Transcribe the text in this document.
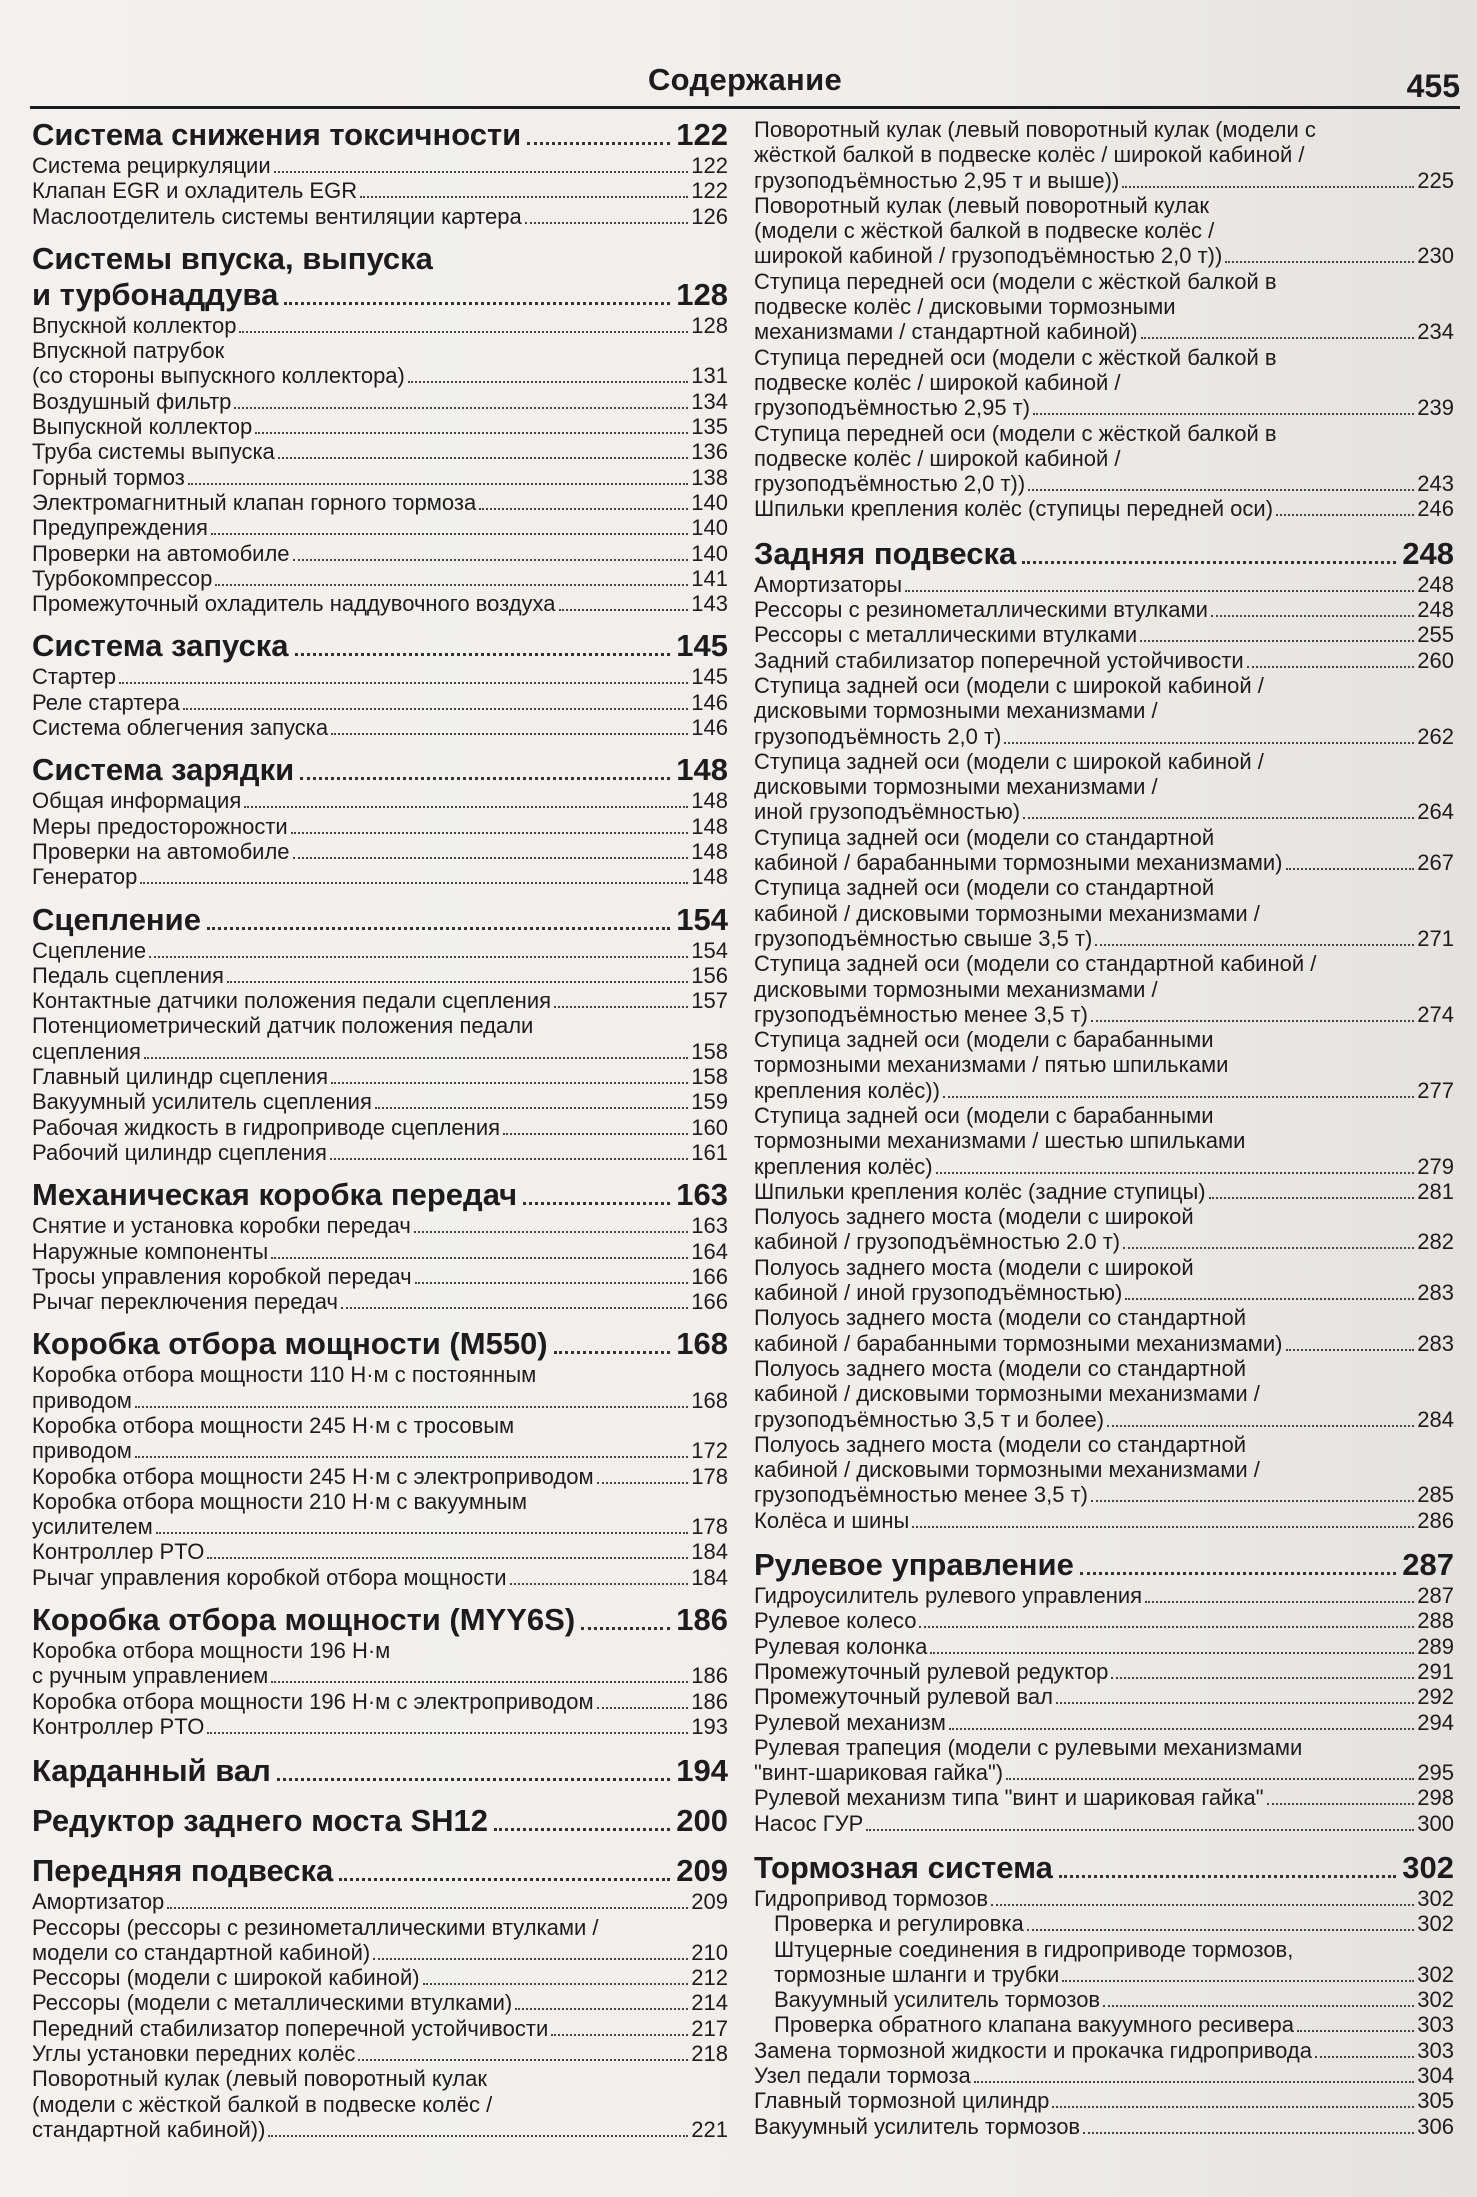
Содержание	455
Система снижения токсичности	122
Система рециркуляции	122
Клапан EGR и охладитель EGR	122
Маслоотделитель системы вентиляции картера	126
Системы впуска, выпуска
и турбонаддува	128
Впускной коллектор	128
Впускной патрубок
(со стороны выпускного коллектора)	131
Воздушный фильтр	134
Выпускной коллектор	135
Труба системы выпуска	136
Горный тормоз	138
Электромагнитный клапан горного тормоза	140
Предупреждения	140
Проверки на автомобиле	140
Турбокомпрессор	141
Промежуточный охладитель наддувочного воздуха	143
Система запуска	145
Стартер	145
Реле стартера	146
Система облегчения запуска	146
Система зарядки	148
Общая информация	148
Меры предосторожности	148
Проверки на автомобиле	148
Генератор	148
Сцепление	154
Сцепление	154
Педаль сцепления	156
Контактные датчики положения педали сцепления	157
Потенциометрический датчик положения педали
сцепления	158
Главный цилиндр сцепления	158
Вакуумный усилитель сцепления	159
Рабочая жидкость в гидроприводе сцепления	160
Рабочий цилиндр сцепления	161
Механическая коробка передач	163
Снятие и установка коробки передач	163
Наружные компоненты	164
Тросы управления коробкой передач	166
Рычаг переключения передач	166
Коробка отбора мощности (M550)	168
Коробка отбора мощности 110 Н·м с постоянным
приводом	168
Коробка отбора мощности 245 Н·м с тросовым
приводом	172
Коробка отбора мощности 245 Н·м с электроприводом	178
Коробка отбора мощности 210 Н·м с вакуумным
усилителем	178
Контроллер PTO	184
Рычаг управления коробкой отбора мощности	184
Коробка отбора мощности (MYY6S)	186
Коробка отбора мощности 196 Н·м
с ручным управлением	186
Коробка отбора мощности 196 Н·м с электроприводом	186
Контроллер PTO	193
Карданный вал	194
Редуктор заднего моста SH12	200
Передняя подвеска	209
Амортизатор	209
Рессоры (рессоры с резинометаллическими втулками /
модели со стандартной кабиной)	210
Рессоры (модели с широкой кабиной)	212
Рессоры (модели с металлическими втулками)	214
Передний стабилизатор поперечной устойчивости	217
Углы установки передних колёс	218
Поворотный кулак (левый поворотный кулак
(модели с жёсткой балкой в подвеске колёс /
стандартной кабиной))	221
Поворотный кулак (левый поворотный кулак (модели с
жёсткой балкой в подвеске колёс / широкой кабиной /
грузоподъёмностью 2,95 т и выше))	225
Поворотный кулак (левый поворотный кулак
(модели с жёсткой балкой в подвеске колёс /
широкой кабиной / грузоподъёмностью 2,0 т))	230
Ступица передней оси (модели с жёсткой балкой в
подвеске колёс / дисковыми тормозными
механизмами / стандартной кабиной)	234
Ступица передней оси (модели с жёсткой балкой в
подвеске колёс / широкой кабиной /
грузоподъёмностью 2,95 т)	239
Ступица передней оси (модели с жёсткой балкой в
подвеске колёс / широкой кабиной /
грузоподъёмностью 2,0 т))	243
Шпильки крепления колёс (ступицы передней оси)	246
Задняя подвеска	248
Амортизаторы	248
Рессоры с резинометаллическими втулками	248
Рессоры с металлическими втулками	255
Задний стабилизатор поперечной устойчивости	260
Ступица задней оси (модели с широкой кабиной /
дисковыми тормозными механизмами /
грузоподъёмность 2,0 т)	262
Ступица задней оси (модели с широкой кабиной /
дисковыми тормозными механизмами /
иной грузоподъёмностью)	264
Ступица задней оси (модели со стандартной
кабиной / барабанными тормозными механизмами)	267
Ступица задней оси (модели со стандартной
кабиной / дисковыми тормозными механизмами /
грузоподъёмностью свыше 3,5 т)	271
Ступица задней оси (модели со стандартной кабиной /
дисковыми тормозными механизмами /
грузоподъёмностью менее 3,5 т)	274
Ступица задней оси (модели с барабанными
тормозными механизмами / пятью шпильками
крепления колёс))	277
Ступица задней оси (модели с барабанными
тормозными механизмами / шестью шпильками
крепления колёс)	279
Шпильки крепления колёс (задние ступицы)	281
Полуось заднего моста (модели с широкой
кабиной / грузоподъёмностью 2.0 т)	282
Полуось заднего моста (модели с широкой
кабиной / иной грузоподъёмностью)	283
Полуось заднего моста (модели со стандартной
кабиной / барабанными тормозными механизмами)	283
Полуось заднего моста (модели со стандартной
кабиной / дисковыми тормозными механизмами /
грузоподъёмностью 3,5 т и более)	284
Полуось заднего моста (модели со стандартной
кабиной / дисковыми тормозными механизмами /
грузоподъёмностью менее 3,5 т)	285
Колёса и шины	286
Рулевое управление	287
Гидроусилитель рулевого управления	287
Рулевое колесо	288
Рулевая колонка	289
Промежуточный рулевой редуктор	291
Промежуточный рулевой вал	292
Рулевой механизм	294
Рулевая трапеция (модели с рулевыми механизмами
"винт-шариковая гайка")	295
Рулевой механизм типа "винт и шариковая гайка"	298
Насос ГУР	300
Тормозная система	302
Гидропривод тормозов	302
Проверка и регулировка	302
Штуцерные соединения в гидроприводе тормозов,
тормозные шланги и трубки	302
Вакуумный усилитель тормозов	302
Проверка обратного клапана вакуумного ресивера	303
Замена тормозной жидкости и прокачка гидропривода	303
Узел педали тормоза	304
Главный тормозной цилиндр	305
Вакуумный усилитель тормозов	306
